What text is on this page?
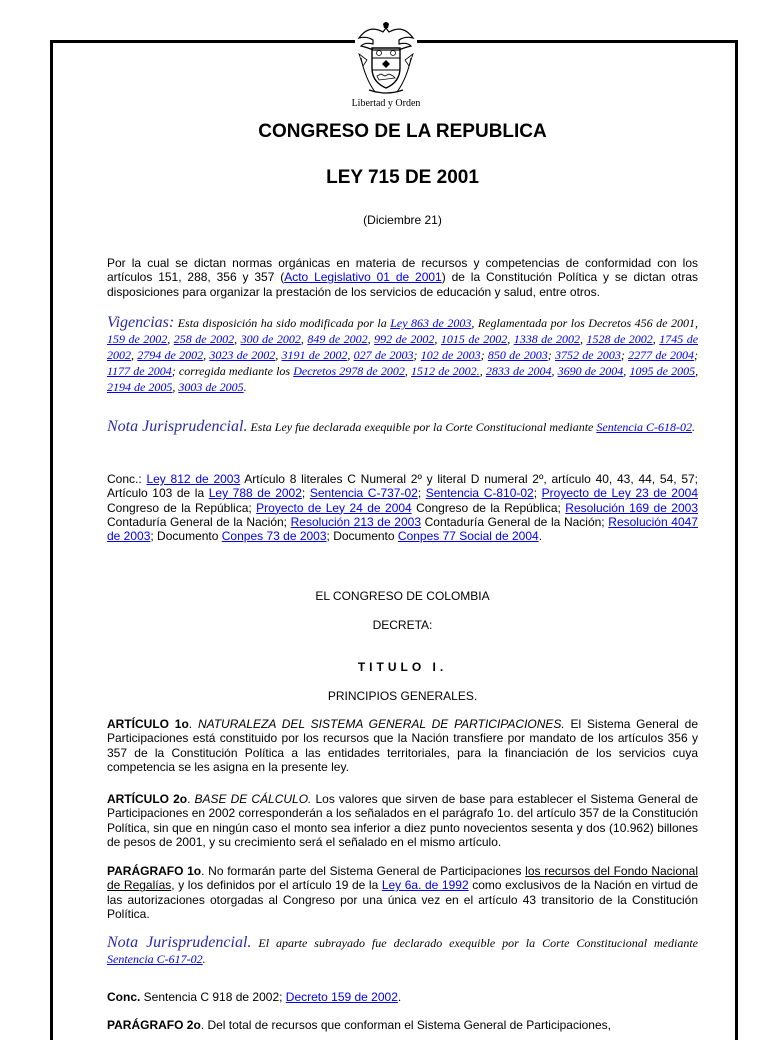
Libertad y Orden
CONGRESO DE LA REPUBLICA
LEY 715 DE 2001

(Diciembre 21)

Por la cual se dictan normas orgánicas en materia de recursos y competencias de conformidad con los artículos 151, 288, 356 y 357 (Acto Legislativo 01 de 2001) de la Constitución Política y se dictan otras disposiciones para organizar la prestación de los servicios de educación y salud, entre otros.

Vigencias: Esta disposición ha sido modificada por la Ley 863 de 2003, Reglamentada por los Decretos 456 de 2001, 159 de 2002, 258 de 2002, 300 de 2002, 849 de 2002, 992 de 2002, 1015 de 2002, 1338 de 2002, 1528 de 2002, 1745 de 2002, 2794 de 2002, 3023 de 2002, 3191 de 2002, 027 de 2003; 102 de 2003; 850 de 2003; 3752 de 2003; 2277 de 2004; 1177 de 2004; corregida mediante los Decretos 2978 de 2002, 1512 de 2002., 2833 de 2004, 3690 de 2004, 1095 de 2005, 2194 de 2005, 3003 de 2005.

Nota Jurisprudencial. Esta Ley fue declarada exequible por la Corte Constitucional mediante Sentencia C-618-02.

Conc.: Ley 812 de 2003 Artículo 8 literales C Numeral 2º y literal D numeral 2º, artículo 40, 43, 44, 54, 57; Artículo 103 de la Ley 788 de 2002; Sentencia C-737-02; Sentencia C-810-02; Proyecto de Ley 23 de 2004 Congreso de la República; Proyecto de Ley 24 de 2004 Congreso de la República; Resolución 169 de 2003 Contaduría General de la Nación; Resolución 213 de 2003 Contaduría General de la Nación; Resolución 4047 de 2003; Documento Conpes 73 de 2003; Documento Conpes 77 Social de 2004.

EL CONGRESO DE COLOMBIA

DECRETA:

TITULO I.

PRINCIPIOS GENERALES.

ARTÍCULO 1o. NATURALEZA DEL SISTEMA GENERAL DE PARTICIPACIONES. El Sistema General de Participaciones está constituido por los recursos que la Nación transfiere por mandato de los artículos 356 y 357 de la Constitución Política a las entidades territoriales, para la financiación de los servicios cuya competencia se les asigna en la presente ley.

ARTÍCULO 2o. BASE DE CÁLCULO. Los valores que sirven de base para establecer el Sistema General de Participaciones en 2002 corresponderán a los señalados en el parágrafo 1o. del artículo 357 de la Constitución Política, sin que en ningún caso el monto sea inferior a diez punto novecientos sesenta y dos (10.962) billones de pesos de 2001, y su crecimiento será el señalado en el mismo artículo.

PARÁGRAFO 1o. No formarán parte del Sistema General de Participaciones los recursos del Fondo Nacional de Regalías, y los definidos por el artículo 19 de la Ley 6a. de 1992 como exclusivos de la Nación en virtud de las autorizaciones otorgadas al Congreso por una única vez en el artículo 43 transitorio de la Constitución Política.

Nota Jurisprudencial. El aparte subrayado fue declarado exequible por la Corte Constitucional mediante Sentencia C-617-02.

Conc. Sentencia C 918 de 2002; Decreto 159 de 2002.

PARÁGRAFO 2o. Del total de recursos que conforman el Sistema General de Participaciones,
